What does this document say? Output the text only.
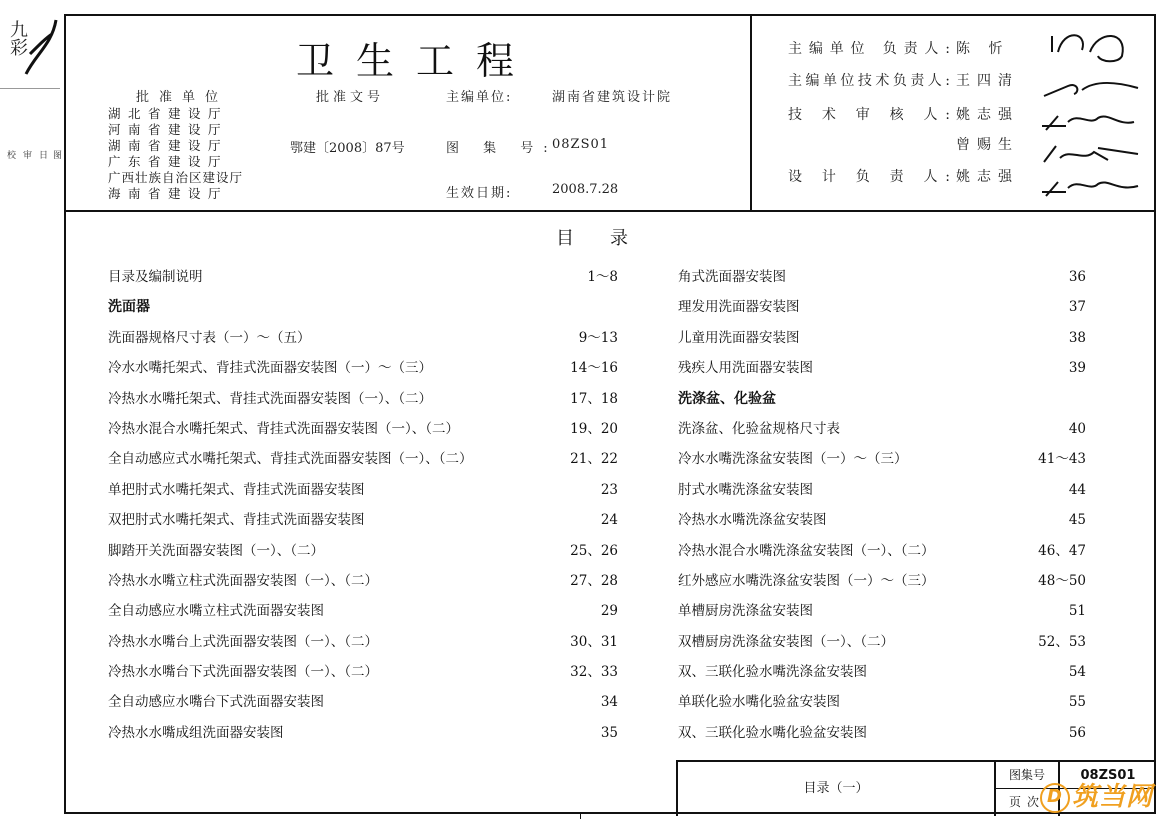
校 审 日 图
九彩
卫生工程
批准单位
湖北省建设厅
河南省建设厅
湖南省建设厅
广东省建设厅
广西壮族自治区建设厅
海南省建设厅
批准文号
鄂建〔2008〕87号
主编单位:	湖南省建筑设计院
图 集 号:
08ZS01
生效日期:	2008.7.28
主编单位 负责人: 陈 忻
主编单位技术负责人: 王四清
技 术 审 核 人: 姚志强
曾赐生
设 计 负 责 人: 姚志强
目录
目录及编制说明	1～8
洗面器
洗面器规格尺寸表（一）～（五）	9～13
冷水水嘴托架式、背挂式洗面器安装图（一）～（三）	14～16
冷热水水嘴托架式、背挂式洗面器安装图（一）、（二）	17、18
冷热水混合水嘴托架式、背挂式洗面器安装图（一）、（二）	19、20
全自动感应式水嘴托架式、背挂式洗面器安装图（一）、（二）	21、22
单把肘式水嘴托架式、背挂式洗面器安装图	23
双把肘式水嘴托架式、背挂式洗面器安装图	24
脚踏开关洗面器安装图（一）、（二）	25、26
冷热水水嘴立柱式洗面器安装图（一）、（二）	27、28
全自动感应水嘴立柱式洗面器安装图	29
冷热水水嘴台上式洗面器安装图（一）、（二）	30、31
冷热水水嘴台下式洗面器安装图（一）、（二）	32、33
全自动感应水嘴台下式洗面器安装图	34
冷热水水嘴成组洗面器安装图	35
角式洗面器安装图	36
理发用洗面器安装图	37
儿童用洗面器安装图	38
残疾人用洗面器安装图	39
洗涤盆、化验盆
洗涤盆、化验盆规格尺寸表	40
冷水水嘴洗涤盆安装图（一）～（三）	41～43
肘式水嘴洗涤盆安装图	44
冷热水水嘴洗涤盆安装图	45
冷热水混合水嘴洗涤盆安装图（一）、（二）	46、47
红外感应水嘴洗涤盆安装图（一）～（三）	48～50
单槽厨房洗涤盆安装图	51
双槽厨房洗涤盆安装图（一）、（二）	52、53
双、三联化验水嘴洗涤盆安装图	54
单联化验水嘴化验盆安装图	55
双、三联化验水嘴化验盆安装图	56
目录（一）
图集号	08ZS01
页次 D 筑当网
